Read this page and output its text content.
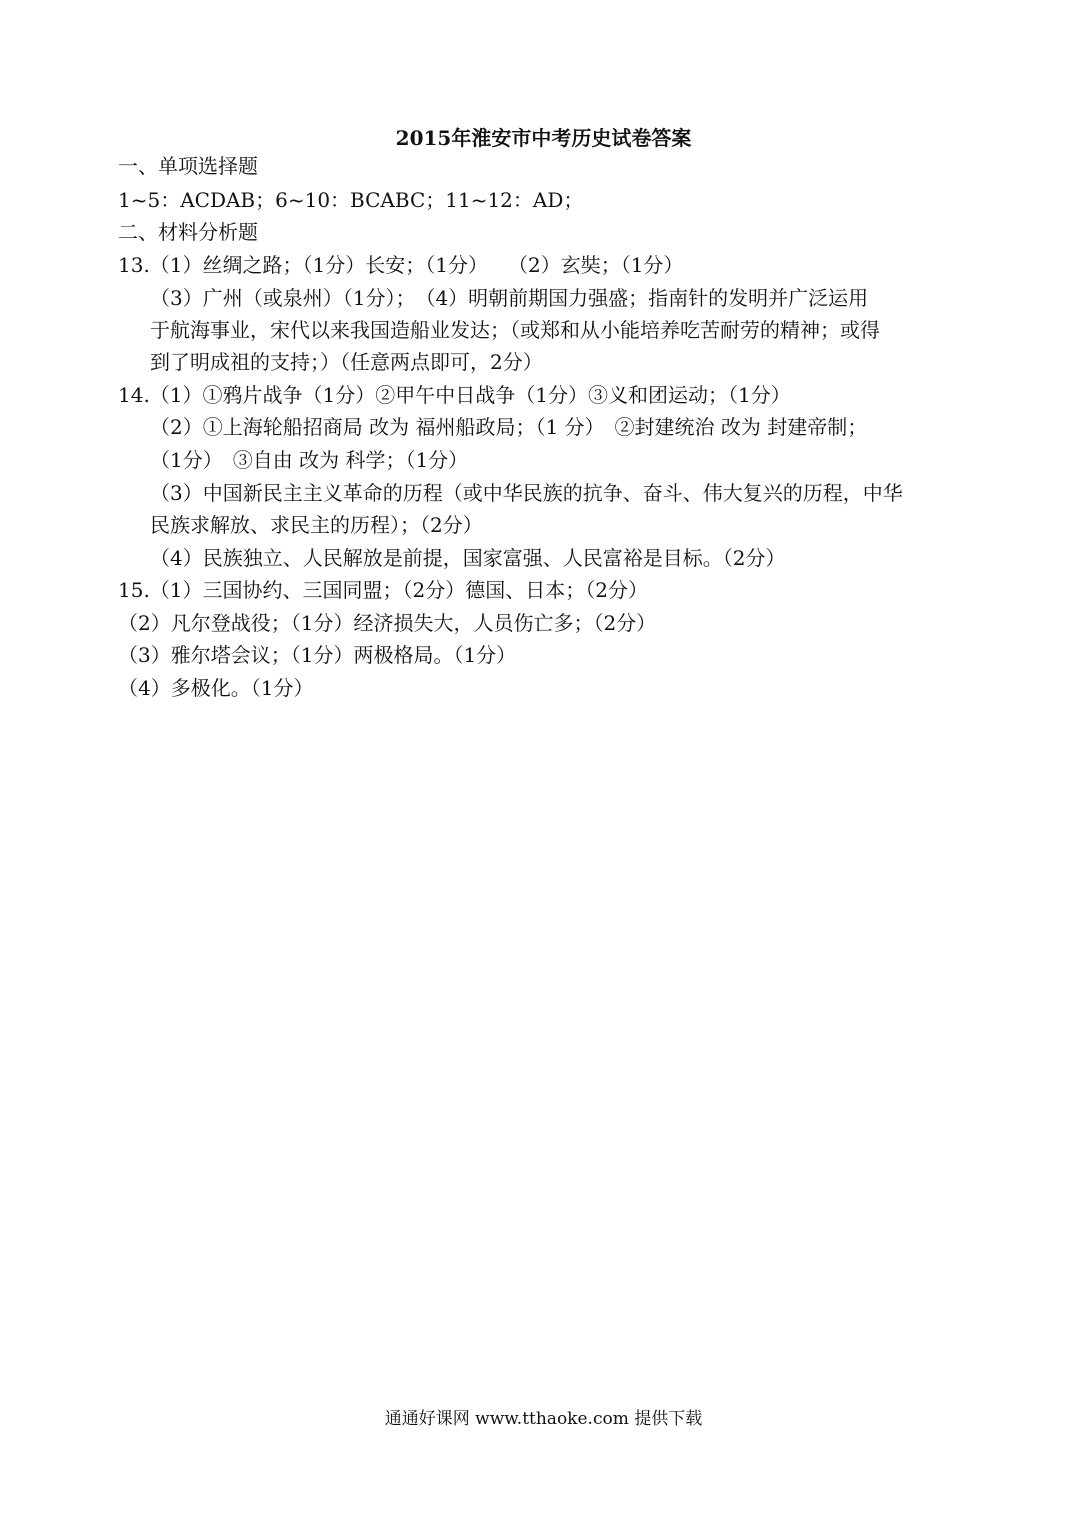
2015年淮安市中考历史试卷答案
一、单项选择题
1~5：ACDAB；6~10：BCABC；11~12：AD；
二、材料分析题
13.（1）丝绸之路；（1分）长安；（1分）　　（2）玄奘；（1分）
（3）广州（或泉州）（1分）；　（4）明朝前期国力强盛；指南针的发明并广泛运用
于航海事业，宋代以来我国造船业发达；（或郑和从小能培养吃苦耐劳的精神；或得
到了明成祖的支持；）（任意两点即可，2分）
14.（1）①鸦片战争（1分）②甲午中日战争（1分）③义和团运动；（1分）
（2）①上海轮船招商局 改为 福州船政局；（1 分）　②封建统治 改为 封建帝制；
（1分）　③自由 改为 科学；（1分）
（3）中国新民主主义革命的历程（或中华民族的抗争、奋斗、伟大复兴的历程，中华
民族求解放、求民主的历程）；（2分）
（4）民族独立、人民解放是前提，国家富强、人民富裕是目标。（2分）
15.（1）三国协约、三国同盟；（2分）德国、日本；（2分）
（2）凡尔登战役；（1分）经济损失大，人员伤亡多；（2分）
（3）雅尔塔会议；（1分）两极格局。（1分）
（4）多极化。（1分）
通通好课网 www.tthaoke.com 提供下载
